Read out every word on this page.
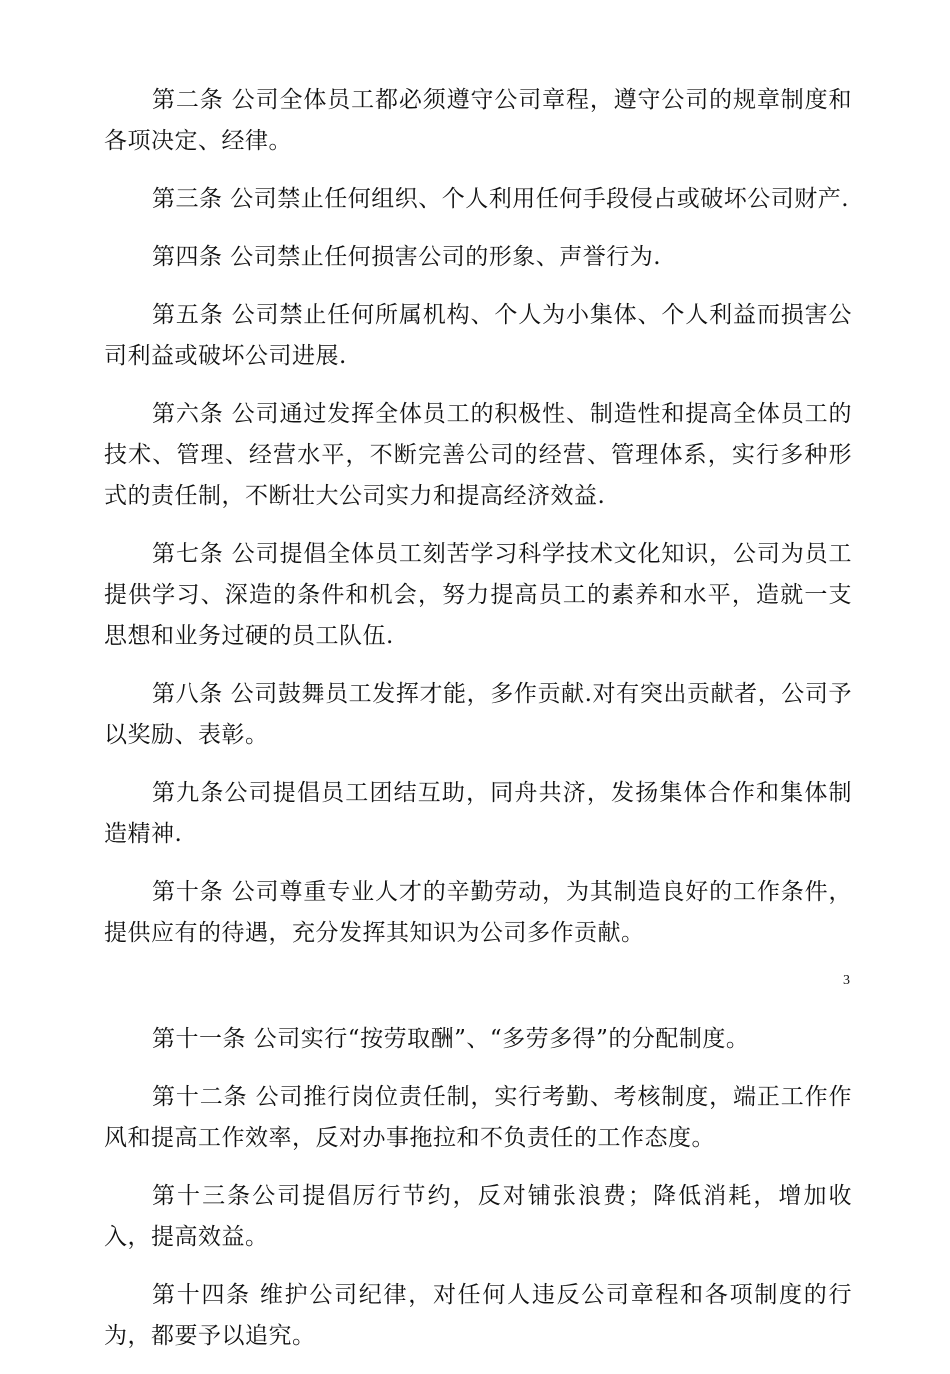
第二条 公司全体员工都必须遵守公司章程，遵守公司的规章制度和各项决定、经律。

第三条 公司禁止任何组织、个人利用任何手段侵占或破坏公司财产.

第四条 公司禁止任何损害公司的形象、声誉行为.

第五条 公司禁止任何所属机构、个人为小集体、个人利益而损害公司利益或破坏公司进展.

第六条 公司通过发挥全体员工的积极性、制造性和提高全体员工的技术、管理、经营水平，不断完善公司的经营、管理体系，实行多种形式的责任制，不断壮大公司实力和提高经济效益.

第七条 公司提倡全体员工刻苦学习科学技术文化知识，公司为员工提供学习、深造的条件和机会，努力提高员工的素养和水平，造就一支思想和业务过硬的员工队伍.

第八条 公司鼓舞员工发挥才能，多作贡献.对有突出贡献者，公司予以奖励、表彰。

第九条公司提倡员工团结互助，同舟共济，发扬集体合作和集体制造精神.

第十条 公司尊重专业人才的辛勤劳动，为其制造良好的工作条件，提供应有的待遇，充分发挥其知识为公司多作贡献。

3

第十一条 公司实行“按劳取酬”、“多劳多得”的分配制度。

第十二条 公司推行岗位责任制，实行考勤、考核制度，端正工作作风和提高工作效率，反对办事拖拉和不负责任的工作态度。

第十三条公司提倡厉行节约，反对铺张浪费；降低消耗，增加收入，提高效益。

第十四条 维护公司纪律，对任何人违反公司章程和各项制度的行为，都要予以追究。
